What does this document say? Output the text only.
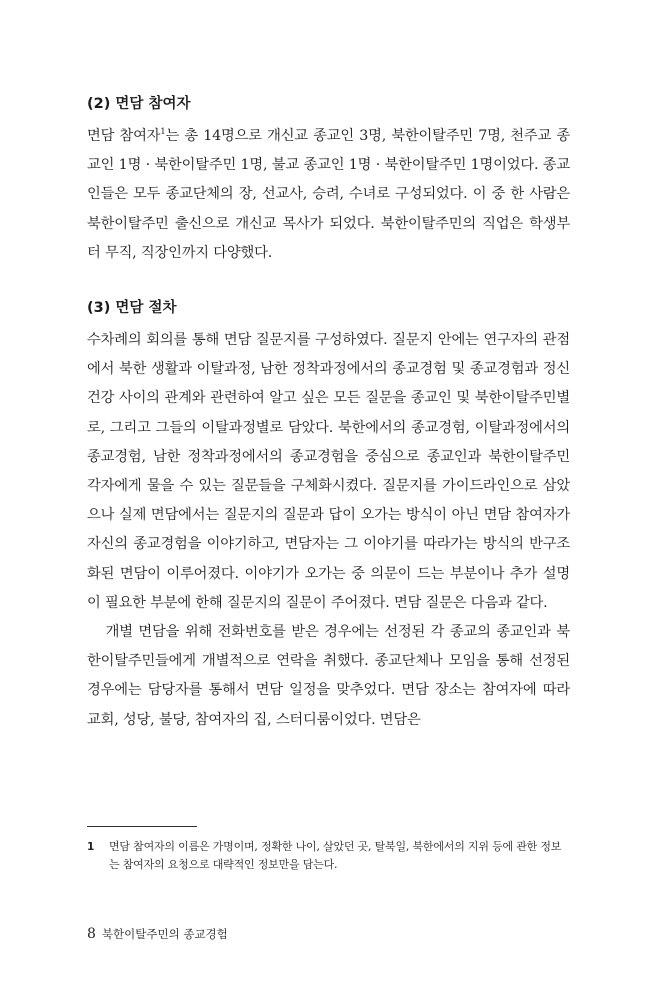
(2) 면담 참여자

면담 참여자$^1$는 총 14명으로 개신교 종교인 3명, 북한이탈주민 7명, 천주교 종교인 1명 · 북한이탈주민 1명, 불교 종교인 1명 · 북한이탈주민 1명이었다. 종교인들은 모두 종교단체의 장, 선교사, 승려, 수녀로 구성되었다. 이 중 한 사람은 북한이탈주민 출신으로 개신교 목사가 되었다. 북한이탈주민의 직업은 학생부터 무직, 직장인까지 다양했다.

(3) 면담 절차

수차례의 회의를 통해 면담 질문지를 구성하였다. 질문지 안에는 연구자의 관점에서 북한 생활과 이탈과정, 남한 정착과정에서의 종교경험 및 종교경험과 정신건강 사이의 관계와 관련하여 알고 싶은 모든 질문을 종교인 및 북한이탈주민별로, 그리고 그들의 이탈과정별로 담았다. 북한에서의 종교경험, 이탈과정에서의 종교경험, 남한 정착과정에서의 종교경험을 중심으로 종교인과 북한이탈주민 각자에게 물을 수 있는 질문들을 구체화시켰다. 질문지를 가이드라인으로 삼았으나 실제 면담에서는 질문지의 질문과 답이 오가는 방식이 아닌 면담 참여자가 자신의 종교경험을 이야기하고, 면담자는 그 이야기를 따라가는 방식의 반구조화된 면담이 이루어졌다. 이야기가 오가는 중 의문이 드는 부분이나 추가 설명이 필요한 부분에 한해 질문지의 질문이 주어졌다. 면담 질문은 다음과 같다.

개별 면담을 위해 전화번호를 받은 경우에는 선정된 각 종교의 종교인과 북한이탈주민들에게 개별적으로 연락을 취했다. 종교단체나 모임을 통해 선정된 경우에는 담당자를 통해서 면담 일정을 맞추었다. 면담 장소는 참여자에 따라 교회, 성당, 불당, 참여자의 집, 스터디룸이었다. 면담은

1	면담 참여자의 이름은 가명이며, 정확한 나이, 살았던 곳, 탈북일, 북한에서의 지위 등에 관한 정보는 참여자의 요청으로 대략적인 정보만을 담는다.
8 북한이탈주민의 종교경험
